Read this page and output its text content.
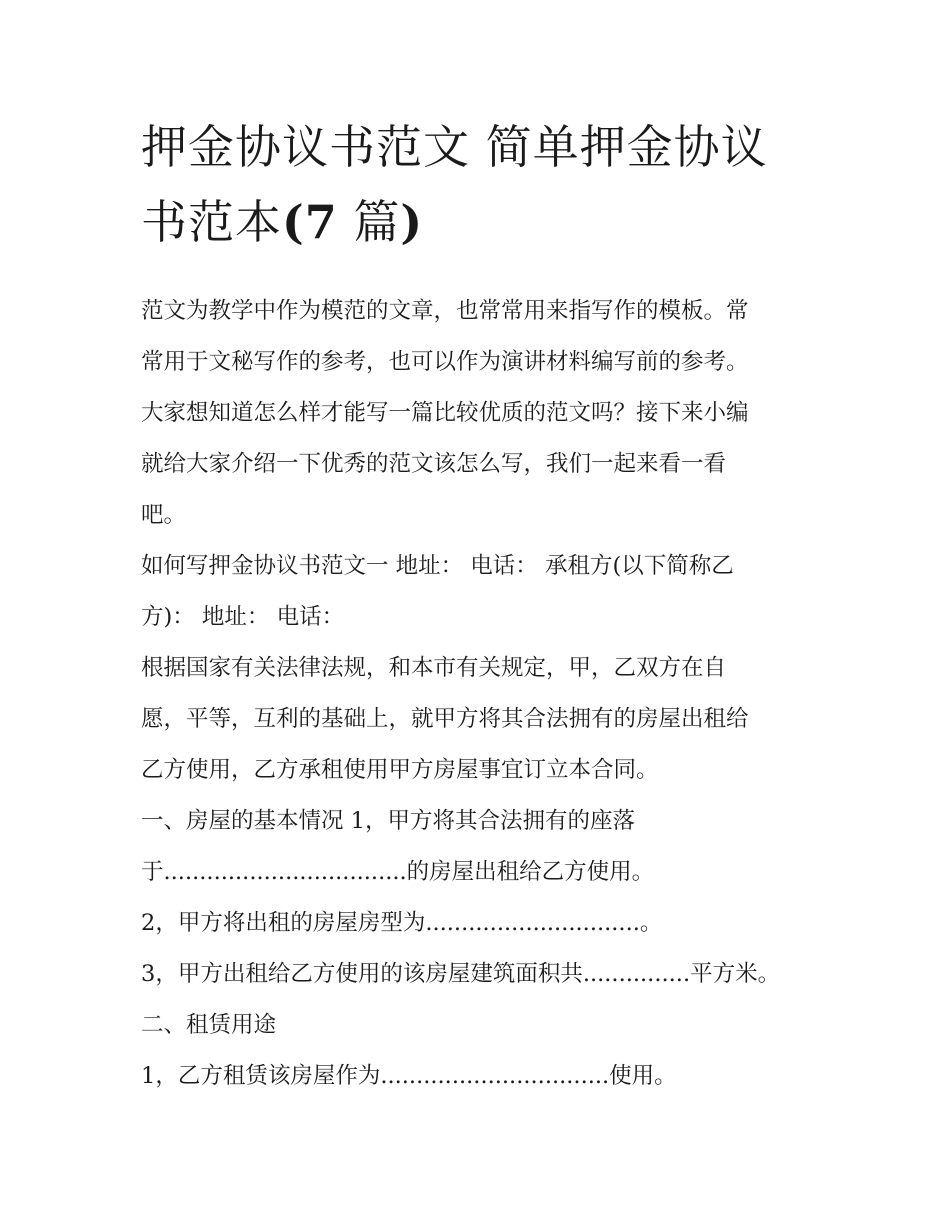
押金协议书范文 简单押金协议
书范本(7 篇)
范文为教学中作为模范的文章，也常常用来指写作的模板。常
常用于文秘写作的参考，也可以作为演讲材料编写前的参考。
大家想知道怎么样才能写一篇比较优质的范文吗？接下来小编
就给大家介绍一下优秀的范文该怎么写，我们一起来看一看
吧。
如何写押金协议书范文一 地址： 电话： 承租方(以下简称乙
方)： 地址： 电话：
根据国家有关法律法规，和本市有关规定，甲，乙双方在自
愿，平等，互利的基础上，就甲方将其合法拥有的房屋出租给
乙方使用，乙方承租使用甲方房屋事宜订立本合同。
一、房屋的基本情况 1，甲方将其合法拥有的座落
于..................................的房屋出租给乙方使用。
2，甲方将出租的房屋房型为..............................。
3，甲方出租给乙方使用的该房屋建筑面积共...............平方米。
二、租赁用途
1，乙方租赁该房屋作为................................使用。
